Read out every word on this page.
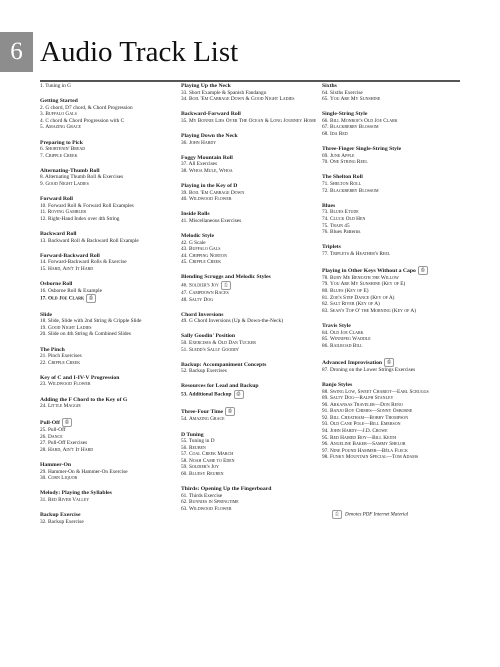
6 Audio Track List
1. Tuning in G
Getting Started
2. G chord, D7 chord, & Chord Progression
3. Buffalo Gals
4. C chord & Chord Progression with C
5. Amazing Grace
Preparing to Pick
6. Shortenin' Bread
7. Cripple Creek
Alternating-Thumb Roll
8. Alternating Thumb Roll & Exercises
9. Good Night Ladies
Forward Roll
10. Forward Roll & Forward Roll Examples
11. Roving Gambler
12. Right-Hand Index over 4th String
Backward Roll
13. Backward Roll & Backward Roll Example
Forward-Backward Roll
14. Forward-Backward Rolls & Exercise
15. Hard, Ain't It Hard
Osborne Roll
16. Osborne Roll & Example
17. Old Joe Clark ⎙
Slide
18. Slide, Slide with 2nd String & Cripple Slide
19. Good Night Ladies
20. Slide on 4th String & Combined Slides
The Pinch
21. Pinch Exercises
22. Cripple Creek
Key of C and I-IV-V Progression
23. Wildwood Flower
Adding the F Chord to the Key of G
24. Little Maggie
Pull-Off ⎙
25. Pull-Off
26. Dance
27. Pull-Off Exercises
28. Hard, Ain't It Hard
Hammer-On
29. Hammer-On & Hammer-On Exercise
30. Corn Liquor
Melody: Playing the Syllables
31. Red River Valley
Backup Exercise
32. Backup Exercise
Playing Up the Neck
33. Short Example & Spanish Fandango
34. Boil 'Em Cabbage Down & Good Night Ladies
Backward-Forward Roll
35. My Bonnie Lies Over The Ocean & Long Journey Home
Playing Down the Neck
36. John Hardy
Foggy Mountain Roll
37. All Exercises
38. Whoa Mule, Whoa
Playing in the Key of D
39. Boil 'Em Cabbage Down
40. Wildwood Flower
Inside Rolls
41. Miscellaneous Exercises
Melodic Style
42. G Scale
43. Buffalo Gals
44. Chipping Norton
45. Cripple Creek
Blending Scruggs and Melodic Styles
46. Soldier's Joy ⎙
47. Campdown Races
48. Salty Dog
Chord Inversions
49. G Chord Inversions (Up & Down-the-Neck)
Sally Goodin' Position
50. Exercises & Old Dan Tucker
51. Sledd's Sally Goodin'
Backup: Accompaniment Concepts
52. Backup Exercises
Resources for Lead and Backup
53. Additional Backup ⎙
Three-Four Time ⎙
54. Amazing Grace
D Tuning
55. Tuning in D
56. Reuben
57. Coal Creek March
58. Noah Came to Eden
59. Soldier's Joy
60. Bluesy Reuben
Thirds: Opening Up the Fingerboard
61. Thirds Exercise
62. Bunnies in Springtime
63. Wildwood Flower
Sixths
64. Sixths Exercise
65. You Are My Sunshine
Single-String Style
66. Bill Monroe's Old Joe Clark
67. Blackberry Blossom
68. Ida Red
Three-Finger Single-String Style
69. June Apple
70. One String Reel
The Shelton Roll
71. Shelton Roll
72. Blackberry Blossom
Blues
73. Blues Etude
74. Cluck Old Hen
75. Train 45
76. Blues Patterns
Triplets
77. Triplets & Heather's Reel
Playing in Other Keys Without a Capo ⎙
78. Bury Me Beneath the Willow
79. You Are My Sunshine (Key of E)
80. Blues (Key of E)
81. Zoe's Step Dance (Key of A)
82. Salt River (Key of A)
83. Sean's Top O' the Morning (Key of A)
Travis Style
84. Old Joe Clark
85. Winnipeg Waddle
86. Railroad Bill
Advanced Improvisation ⎙
87. Droning on the Lower Strings Exercises
Banjo Styles
88. Swing Low, Sweet Chariot—Earl Scruggs
89. Salty Dog—Ralph Stanley
90. Arkansas Traveler—Don Reno
91. Banjo Boy Chimes—Sonny Osborne
92. Bill Cheatham—Bobby Thompson
93. Old Cane Pole—Bill Emerson
94. John Hardy—J.D. Crowe
95. Red Haired Boy—Bill Keith
96. Angeline Baker—Sammy Shelor
97. Nine Pound Hammer—Béla Fleck
98. Funky Mountain Special—Tom Adams
⎙ Denotes PDF Internet Material
